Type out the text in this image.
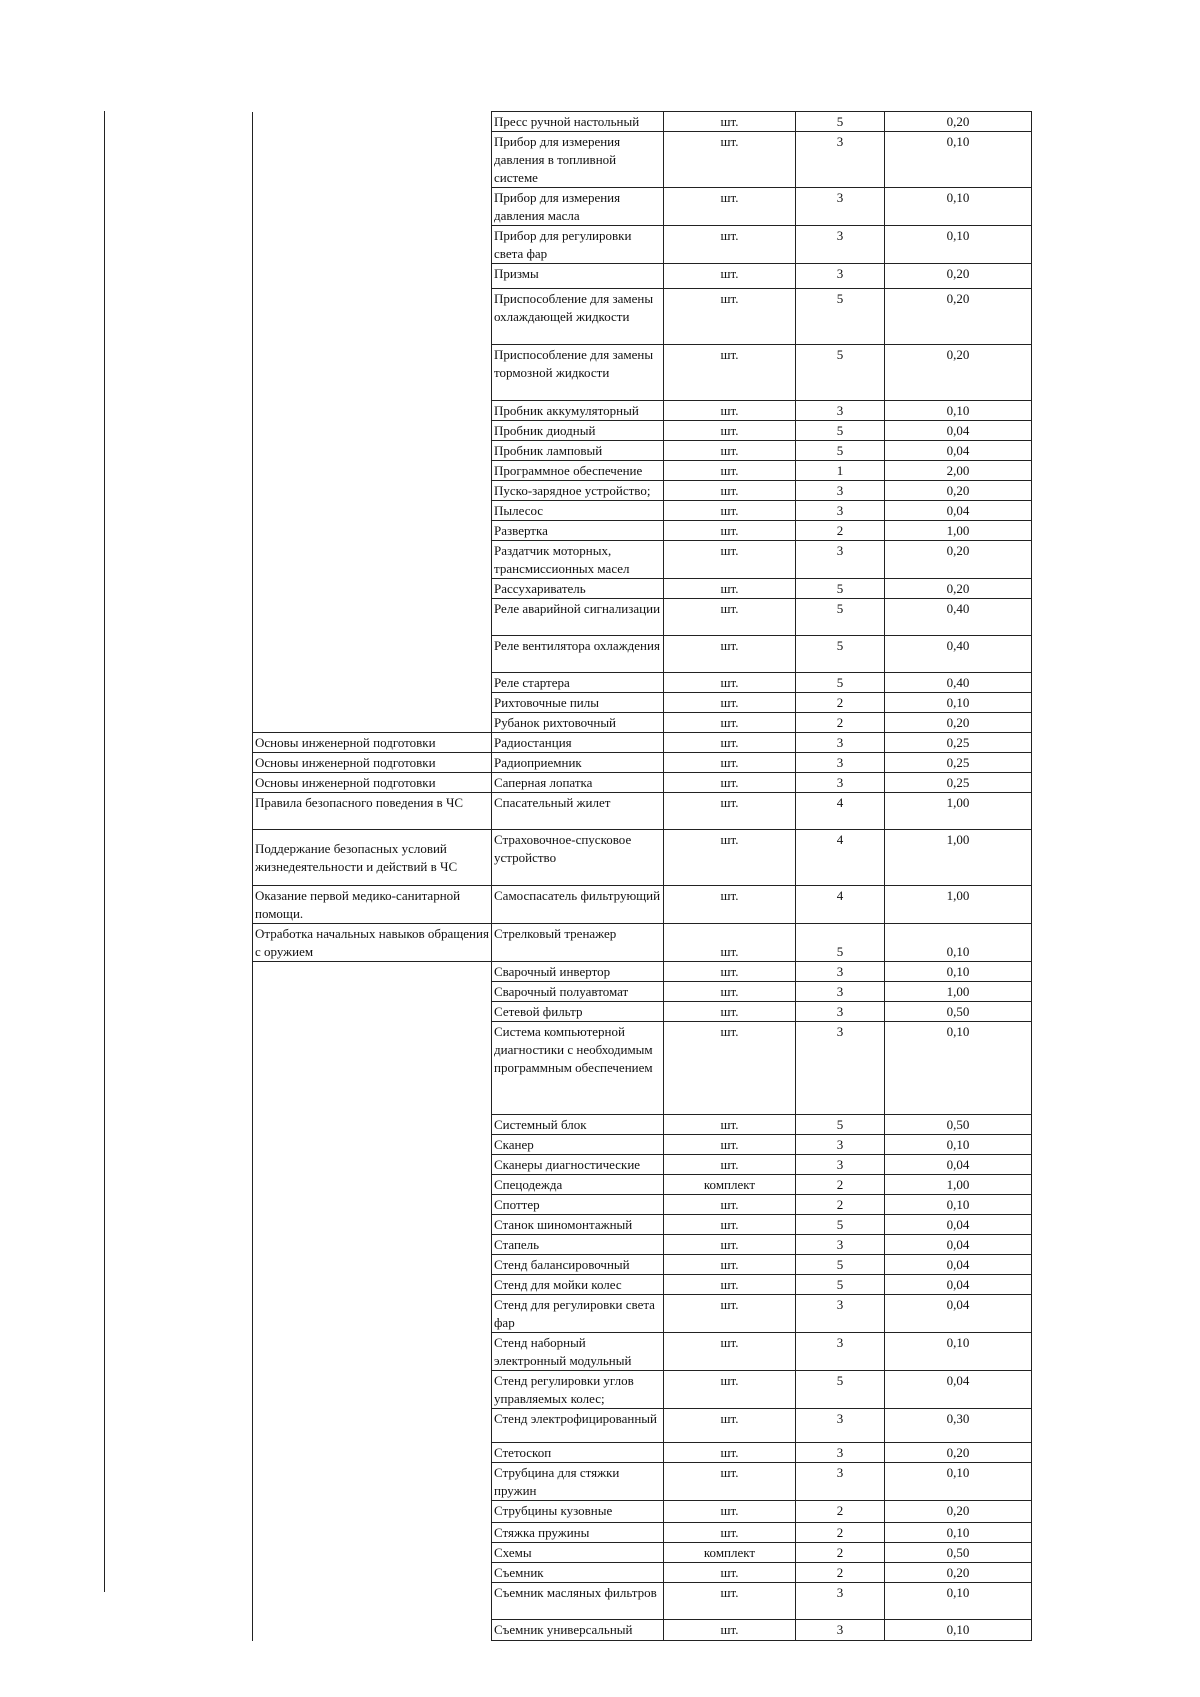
	Пресс ручной настольный	шт.	5	0,20
	Прибор для измерения давления в топливной системе	шт.	3	0,10
	Прибор для измерения давления масла	шт.	3	0,10
	Прибор для регулировки света фар	шт.	3	0,10
	Призмы	шт.	3	0,20
	Приспособление для замены охлаждающей жидкости	шт.	5	0,20
	Приспособление для замены тормозной жидкости	шт.	5	0,20
	Пробник аккумуляторный	шт.	3	0,10
	Пробник диодный	шт.	5	0,04
	Пробник ламповый	шт.	5	0,04
	Программное обеспечение	шт.	1	2,00
	Пуско-зарядное устройство;	шт.	3	0,20
	Пылесос	шт.	3	0,04
	Развертка	шт.	2	1,00
	Раздатчик моторных, трансмиссионных масел	шт.	3	0,20
	Рассухариватель	шт.	5	0,20
	Реле аварийной сигнализации	шт.	5	0,40
	Реле вентилятора охлаждения	шт.	5	0,40
	Реле стартера	шт.	5	0,40
	Рихтовочные пилы	шт.	2	0,10
	Рубанок рихтовочный	шт.	2	0,20
Основы инженерной подготовки	Радиостанция	шт.	3	0,25
Основы инженерной подготовки	Радиоприемник	шт.	3	0,25
Основы инженерной подготовки	Саперная лопатка	шт.	3	0,25
Правила безопасного поведения в ЧС	Спасательный жилет	шт.	4	1,00
Поддержание безопасных условий жизнедеятельности и действий в ЧС	Страховочное-спусковое устройство	шт.	4	1,00
Оказание первой медико-санитарной помощи.	Самоспасатель фильтрующий	шт.	4	1,00
Отработка начальных навыков обращения с оружием	Стрелковый тренажер	шт.	5	0,10
	Сварочный инвертор	шт.	3	0,10
	Сварочный полуавтомат	шт.	3	1,00
	Сетевой фильтр	шт.	3	0,50
	Система компьютерной диагностики с необходимым программным обеспечением	шт.	3	0,10
	Системный блок	шт.	5	0,50
	Сканер	шт.	3	0,10
	Сканеры диагностические	шт.	3	0,04
	Спецодежда	комплект	2	1,00
	Споттер	шт.	2	0,10
	Станок шиномонтажный	шт.	5	0,04
	Стапель	шт.	3	0,04
	Стенд балансировочный	шт.	5	0,04
	Стенд для мойки колес	шт.	5	0,04
	Стенд для регулировки света фар	шт.	3	0,04
	Стенд наборный электронный модульный	шт.	3	0,10
	Стенд регулировки углов управляемых колес;	шт.	5	0,04
	Стенд электрофицированный	шт.	3	0,30
	Стетоскоп	шт.	3	0,20
	Струбцина для стяжки пружин	шт.	3	0,10
	Струбцины кузовные	шт.	2	0,20
	Стяжка пружины	шт.	2	0,10
	Схемы	комплект	2	0,50
	Съемник	шт.	2	0,20
	Съемник масляных фильтров	шт.	3	0,10
	Съемник универсальный	шт.	3	0,10
